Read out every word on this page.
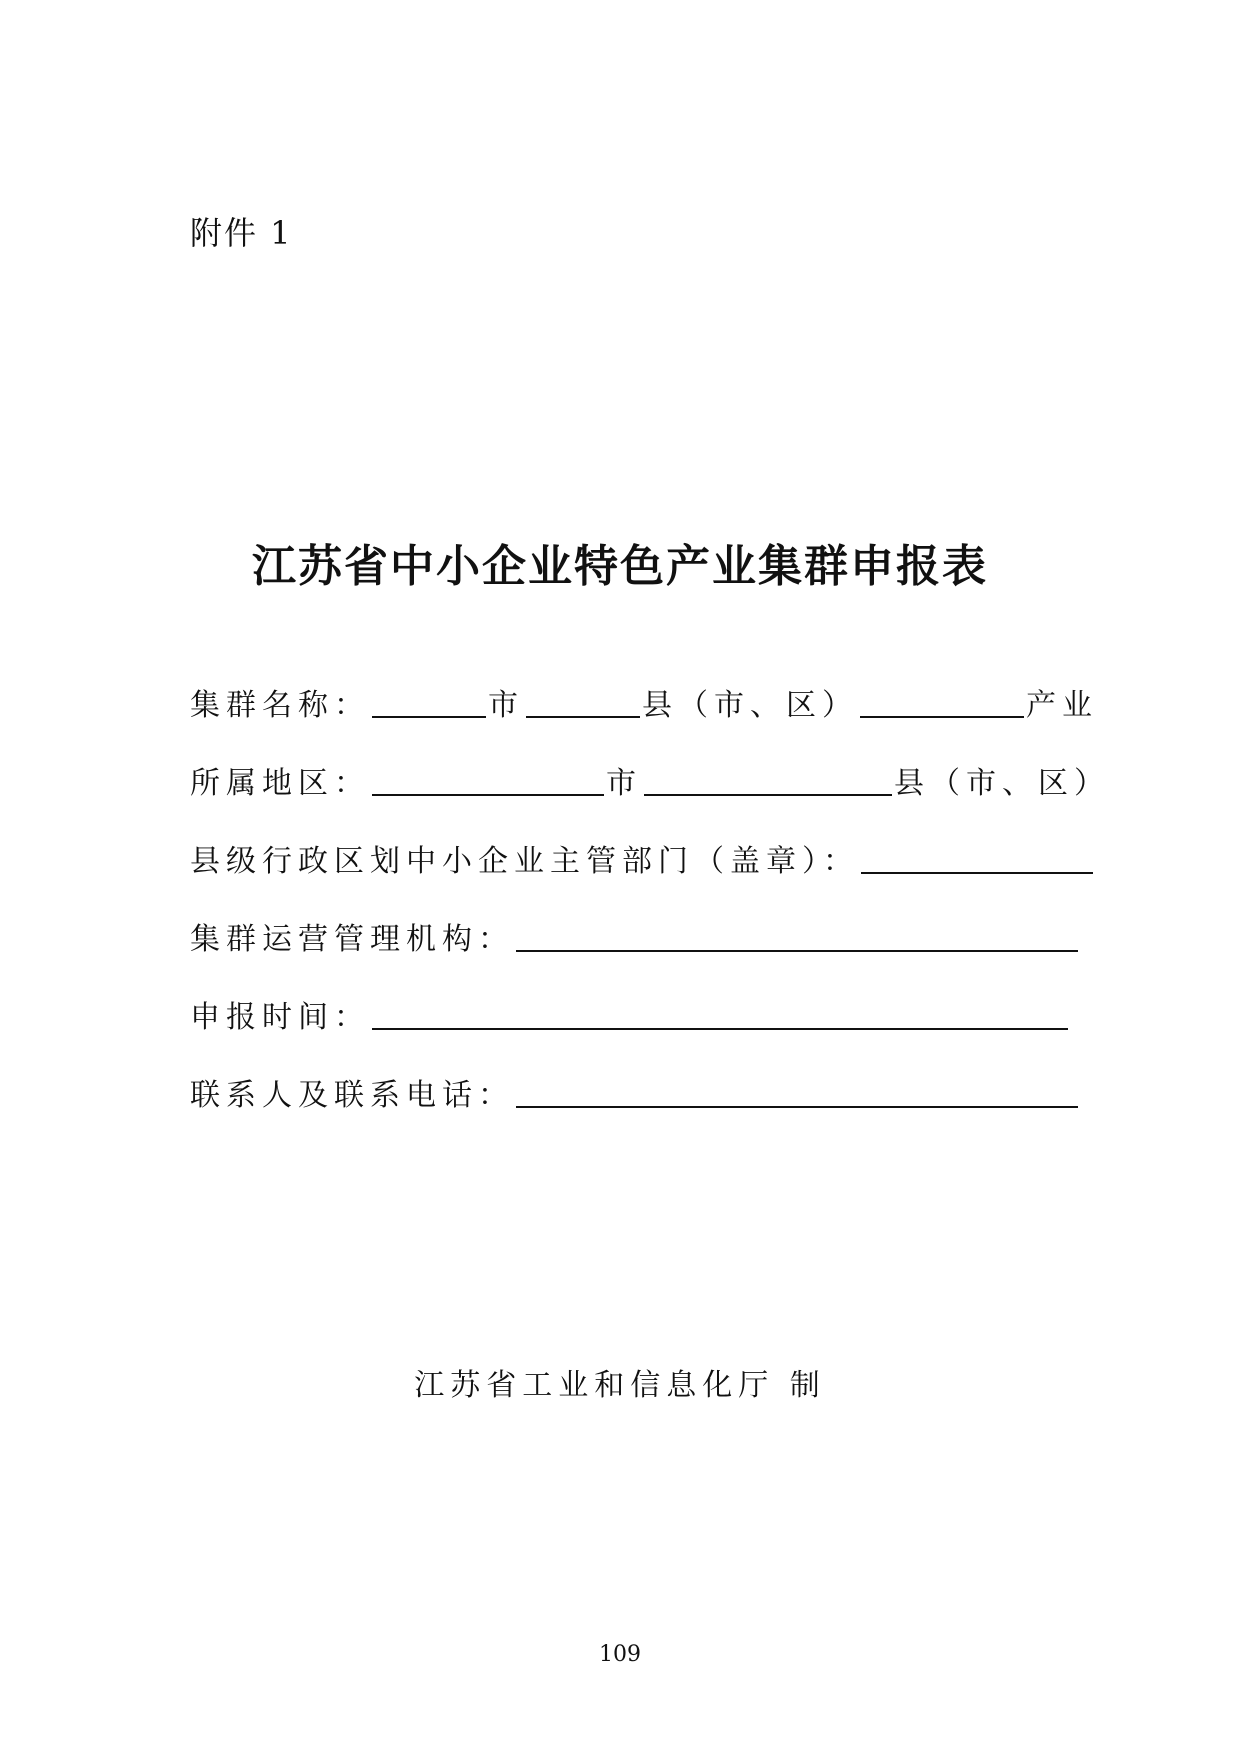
附件 1
江苏省中小企业特色产业集群申报表
集群名称：	市	县（市、区）	产业
所属地区：	市	县（市、区）
县级行政区划中小企业主管部门（盖章）：
集群运营管理机构：
申报时间：
联系人及联系电话：
江苏省工业和信息化厅 制
109
